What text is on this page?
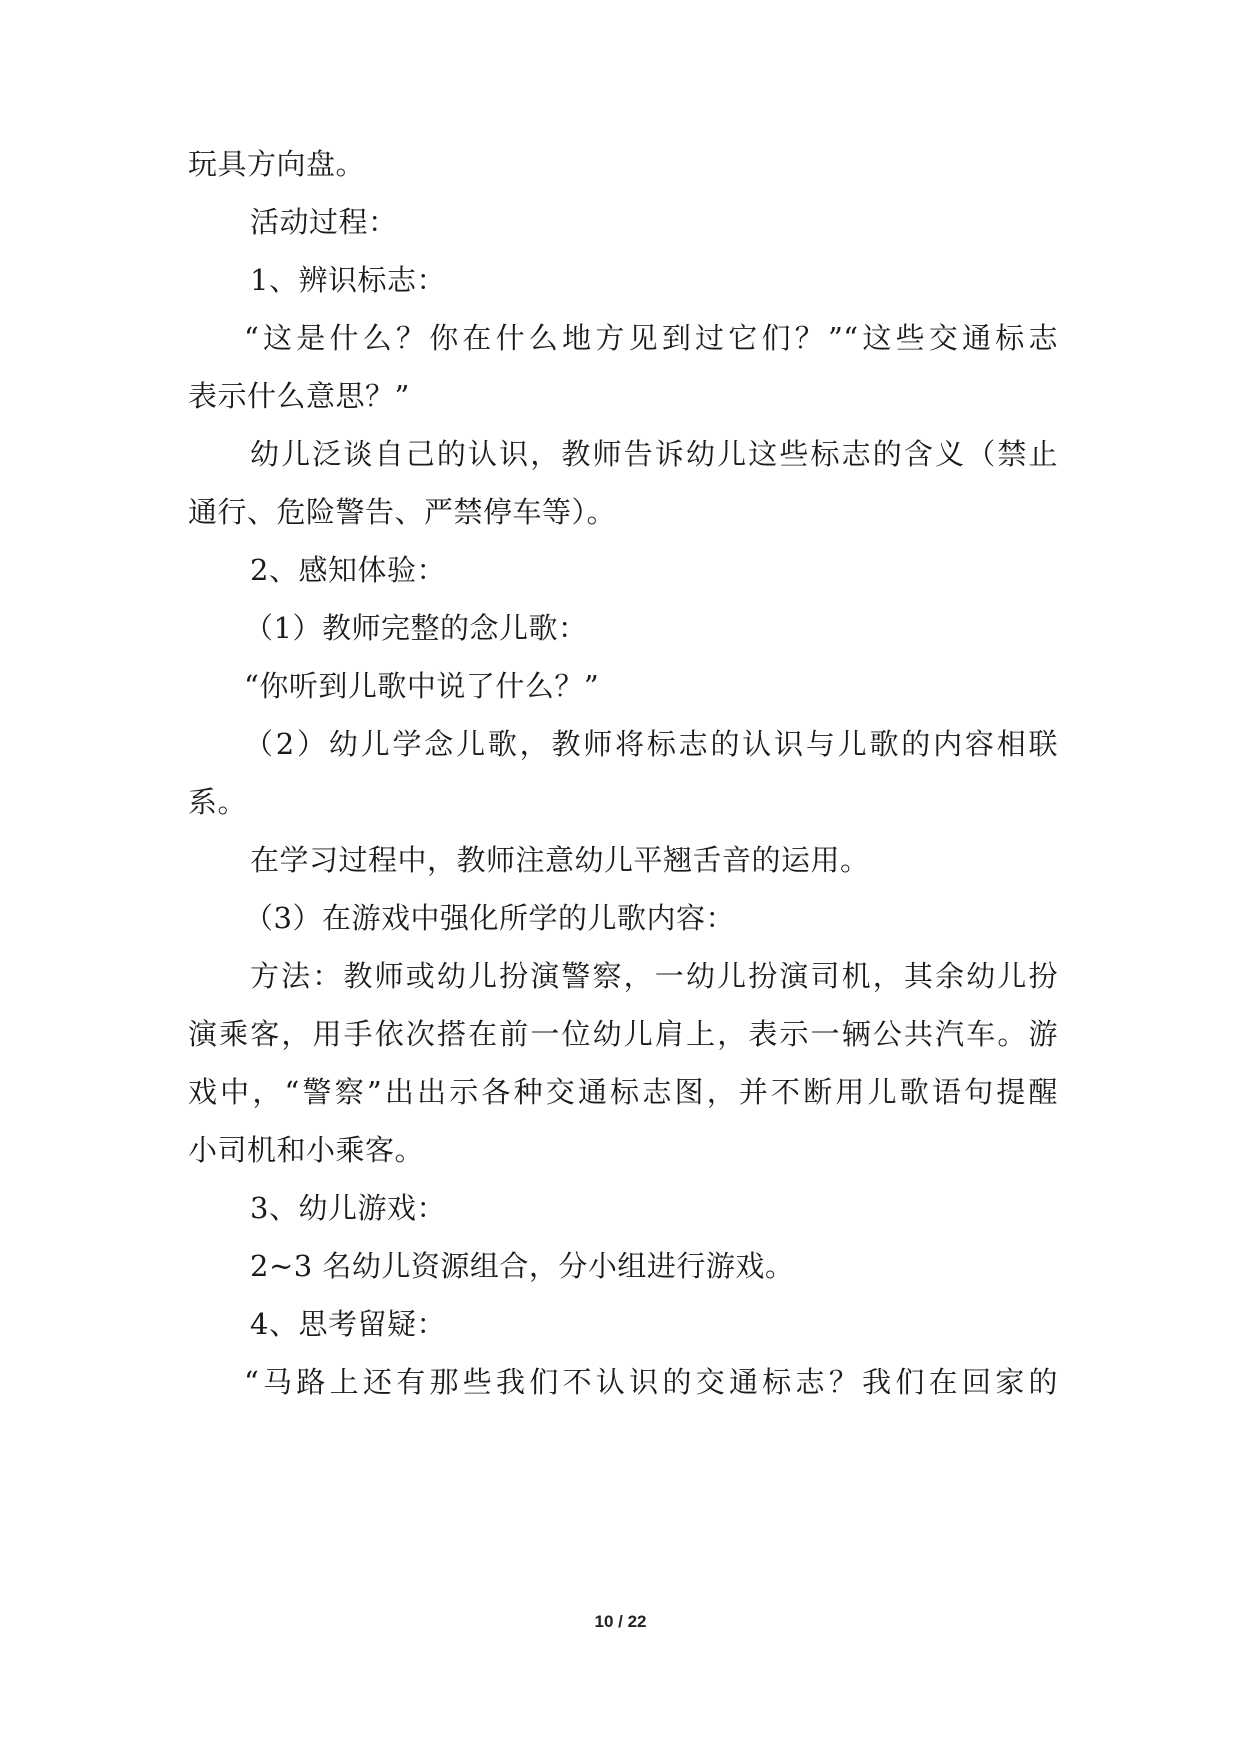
玩具方向盘。
活动过程：
1、辨识标志：
“这是什么？你在什么地方见到过它们？”“这些交通标志
表示什么意思？”
幼儿泛谈自己的认识，教师告诉幼儿这些标志的含义（禁止
通行、危险警告、严禁停车等）。
2、感知体验：
（1）教师完整的念儿歌：
“你听到儿歌中说了什么？”
（2）幼儿学念儿歌，教师将标志的认识与儿歌的内容相联
系。
在学习过程中，教师注意幼儿平翘舌音的运用。
（3）在游戏中强化所学的儿歌内容：
方法：教师或幼儿扮演警察，一幼儿扮演司机，其余幼儿扮
演乘客，用手依次搭在前一位幼儿肩上，表示一辆公共汽车。游
戏中，“警察”出出示各种交通标志图，并不断用儿歌语句提醒
小司机和小乘客。
3、幼儿游戏：
2~3 名幼儿资源组合，分小组进行游戏。
4、思考留疑：
“马路上还有那些我们不认识的交通标志？我们在回家的
10 / 22
